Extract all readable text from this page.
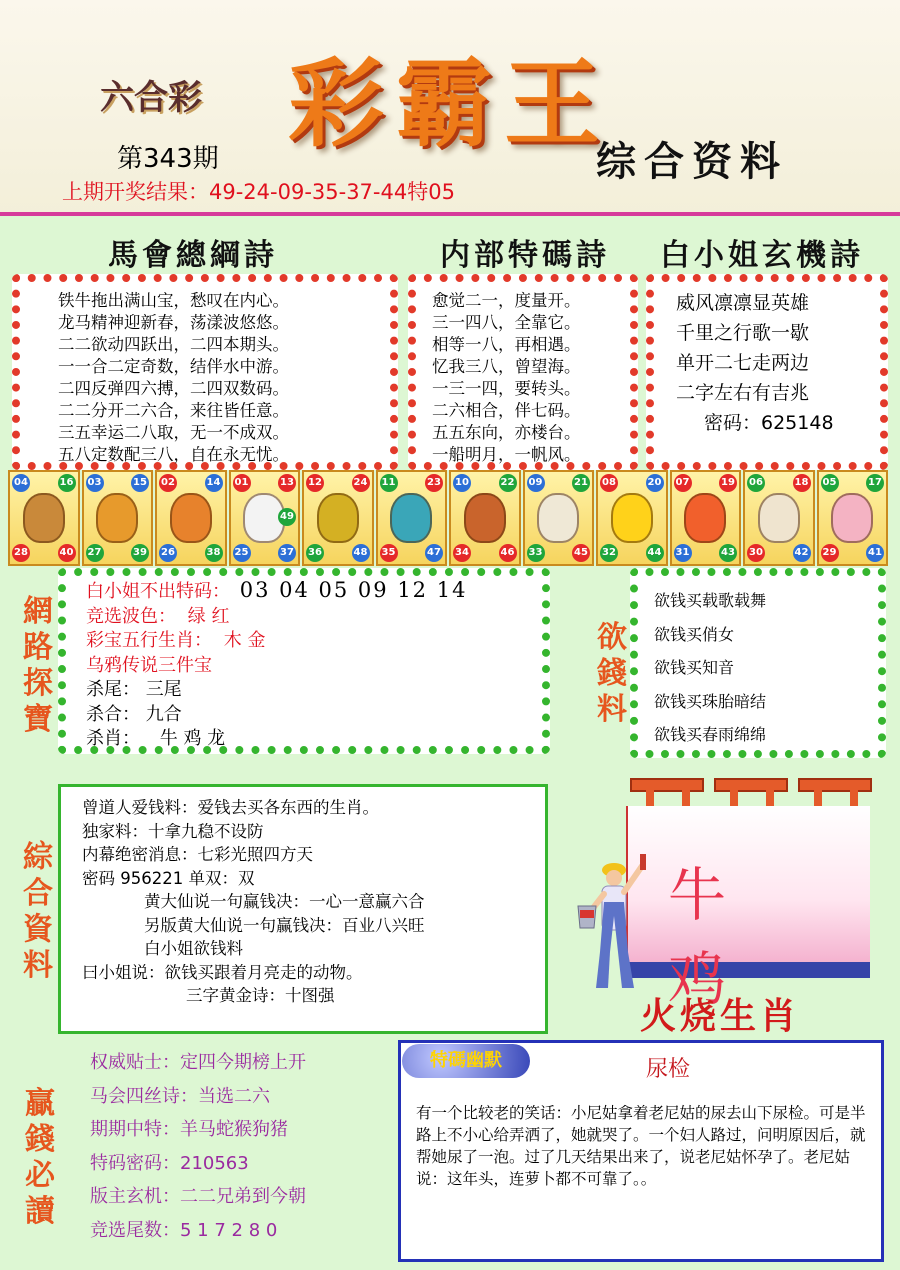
六合彩 彩霸王
综合资料
第343期
上期开奖结果：49-24-09-35-37-44特05
馬會總綱詩	内部特碼詩 白小姐玄機詩
铁牛拖出满山宝，愁叹在内心。
龙马精神迎新春，荡漾波悠悠。
二二欲动四跃出，二四本期头。
一一合二定奇数，结伴水中游。
二四反弹四六搏，二四双数码。
二二分开二六合，来往皆任意。
三五幸运二八取，无一不成双。
五八定数配三八，自在永无忧。
愈觉二一，度量开。
三一四八，全靠它。
相等一八，再相遇。
忆我三八，曾望海。
一三一四，要转头。
二六相合，伴七码。
五五东向，亦楼台。
一船明月，一帆风。
威风凛凛显英雄
千里之行歌一歇
单开二七走两边
二字左右有吉兆
密码：625148
04	16
28	40
03	15
27	39
02	14
26	38
01	13
25	37
49
12	24
36	48
11	23
35	47
10	22
34	46
09	21
33	45
08	20
32	44
07	19
31	43
06	18
30	42
05	17
29	41
網
路
探
寶
白小姐不出特码： 03 04 05 09 12 14
竞选波色： 绿 红
彩宝五行生肖： 木 金
乌鸦传说三件宝
杀尾： 三尾
杀合： 九合
杀肖： 牛 鸡 龙
欲
錢
料
欲钱买载歌载舞
欲钱买俏女
欲钱买知音
欲钱买珠胎暗结
欲钱买春雨绵绵
綜
合
資
料
曾道人爱钱料：爱钱去买各东西的生肖。
独家料：十拿九稳不设防
内幕绝密消息：七彩光照四方天
密码 956221 单双：双
黄大仙说一句赢钱决：一心一意赢六合
另版黄大仙说一句赢钱决：百业八兴旺
白小姐欲钱料
曰小姐说：欲钱买跟着月亮走的动物。
三字黄金诗：十图强
牛 鸡
火烧生肖
贏
錢
必
讀
权威贴士：定四今期榜上开
马会四丝诗：当选二六
期期中特：羊马蛇猴狗猪
特码密码：210563
版主玄机：二二兄弟到今朝
竞选尾数：5 1 7 2 8 0
特碼幽默	尿检
有一个比较老的笑话：小尼姑拿着老尼姑的尿去山下尿检。可是半路上不小心给弄洒了，她就哭了。一个妇人路过，问明原因后，就帮她尿了一泡。过了几天结果出来了，说老尼姑怀孕了。老尼姑说：这年头，连萝卜都不可靠了。。
